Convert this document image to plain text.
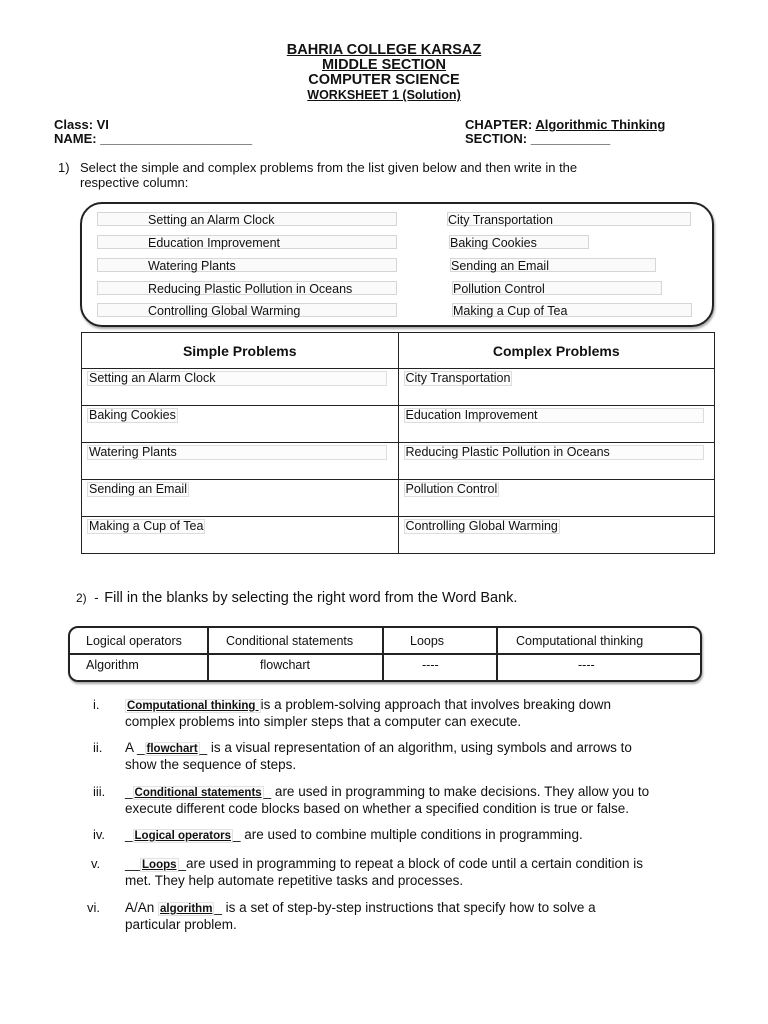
BAHRIA COLLEGE KARSAZ
MIDDLE SECTION
COMPUTER SCIENCE
WORKSHEET 1 (Solution)
Class: VI
NAME: _____________________
CHAPTER: Algorithmic Thinking
SECTION: ___________
1) Select the simple and complex problems from the list given below and then write in the
respective column:
Setting an Alarm Clock
Education Improvement
Watering Plants
Reducing Plastic Pollution in Oceans
Controlling Global Warming
City Transportation
Baking Cookies
Sending an Email
Pollution Control
Making a Cup of Tea
Simple Problems	Complex Problems
Setting an Alarm Clock	City Transportation
Baking Cookies	Education Improvement
Watering Plants	Reducing Plastic Pollution in Oceans
Sending an Email	Pollution Control
Making a Cup of Tea	Controlling Global Warming
2) - Fill in the blanks by selecting the right word from the Word Bank.
Logical operators	Conditional statements	Loops	Computational thinking
Algorithm	flowchart	----	----
i.	Computational thinking is a problem-solving approach that involves breaking down
complex problems into simpler steps that a computer can execute.
ii.	A _ flowchart _ is a visual representation of an algorithm, using symbols and arrows to
show the sequence of steps.
iii.	_ Conditional statements _ are used in programming to make decisions. They allow you to
execute different code blocks based on whether a specified condition is true or false.
iv.	_ Logical operators _ are used to combine multiple conditions in programming.
v.	__ Loops _are used in programming to repeat a block of code until a certain condition is
met. They help automate repetitive tasks and processes.
vi.	A/An algorithm _ is a set of step-by-step instructions that specify how to solve a
particular problem.
